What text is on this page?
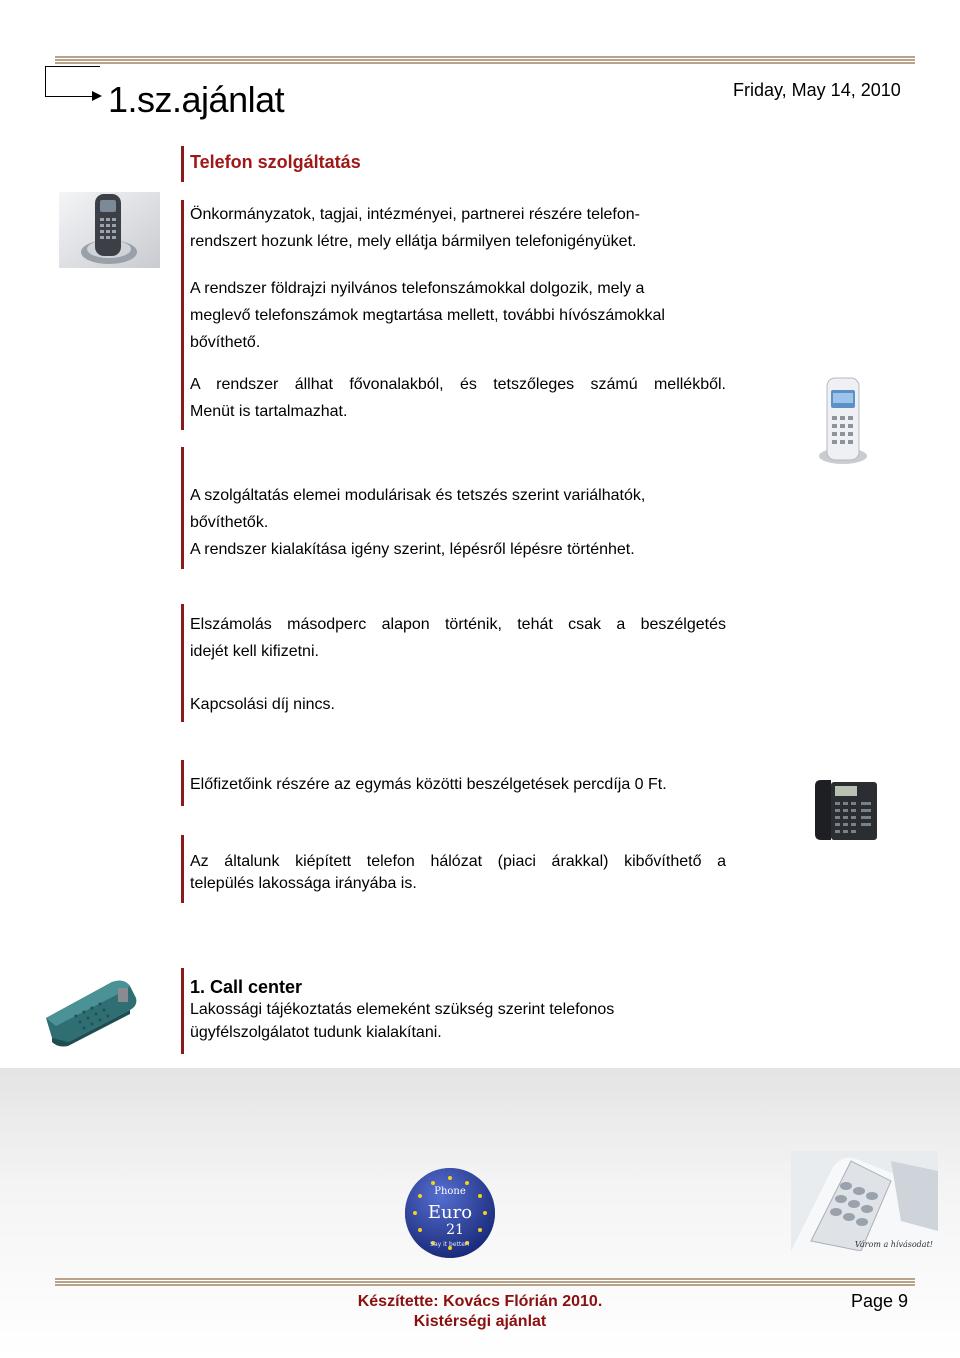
1.sz.ajánlat	Friday, May 14, 2010
Telefon szolgáltatás
Önkormányzatok, tagjai, intézményei, partnerei részére telefon-
rendszert hozunk létre, mely ellátja bármilyen telefonigényüket.
A rendszer földrajzi nyilvános telefonszámokkal dolgozik, mely a
meglevő telefonszámok megtartása mellett, további hívószámokkal
bővíthető.
A rendszer állhat fővonalakból, és tetszőleges számú mellékből.
Menüt is tartalmazhat.
A szolgáltatás elemei modulárisak és tetszés szerint variálhatók,
bővíthetők.
A rendszer kialakítása igény szerint, lépésről lépésre történhet.
Elszámolás másodperc alapon történik, tehát csak a beszélgetés
idejét kell kifizetni.
Kapcsolási díj nincs.
Előfizetőink részére az egymás közötti beszélgetések percdíja 0 Ft.
Az általunk kiépített telefon hálózat (piaci árakkal) kibővíthető a
település lakossága irányába is.
1. Call center
Lakossági tájékoztatás elemeként szükség szerint telefonos
ügyfélszolgálatot tudunk kialakítani.
Phone
Euro
21
Say it better!	Várom a hívásodat!
Készítette: Kovács Flórián 2010.
Kistérségi ajánlat
Page 9
